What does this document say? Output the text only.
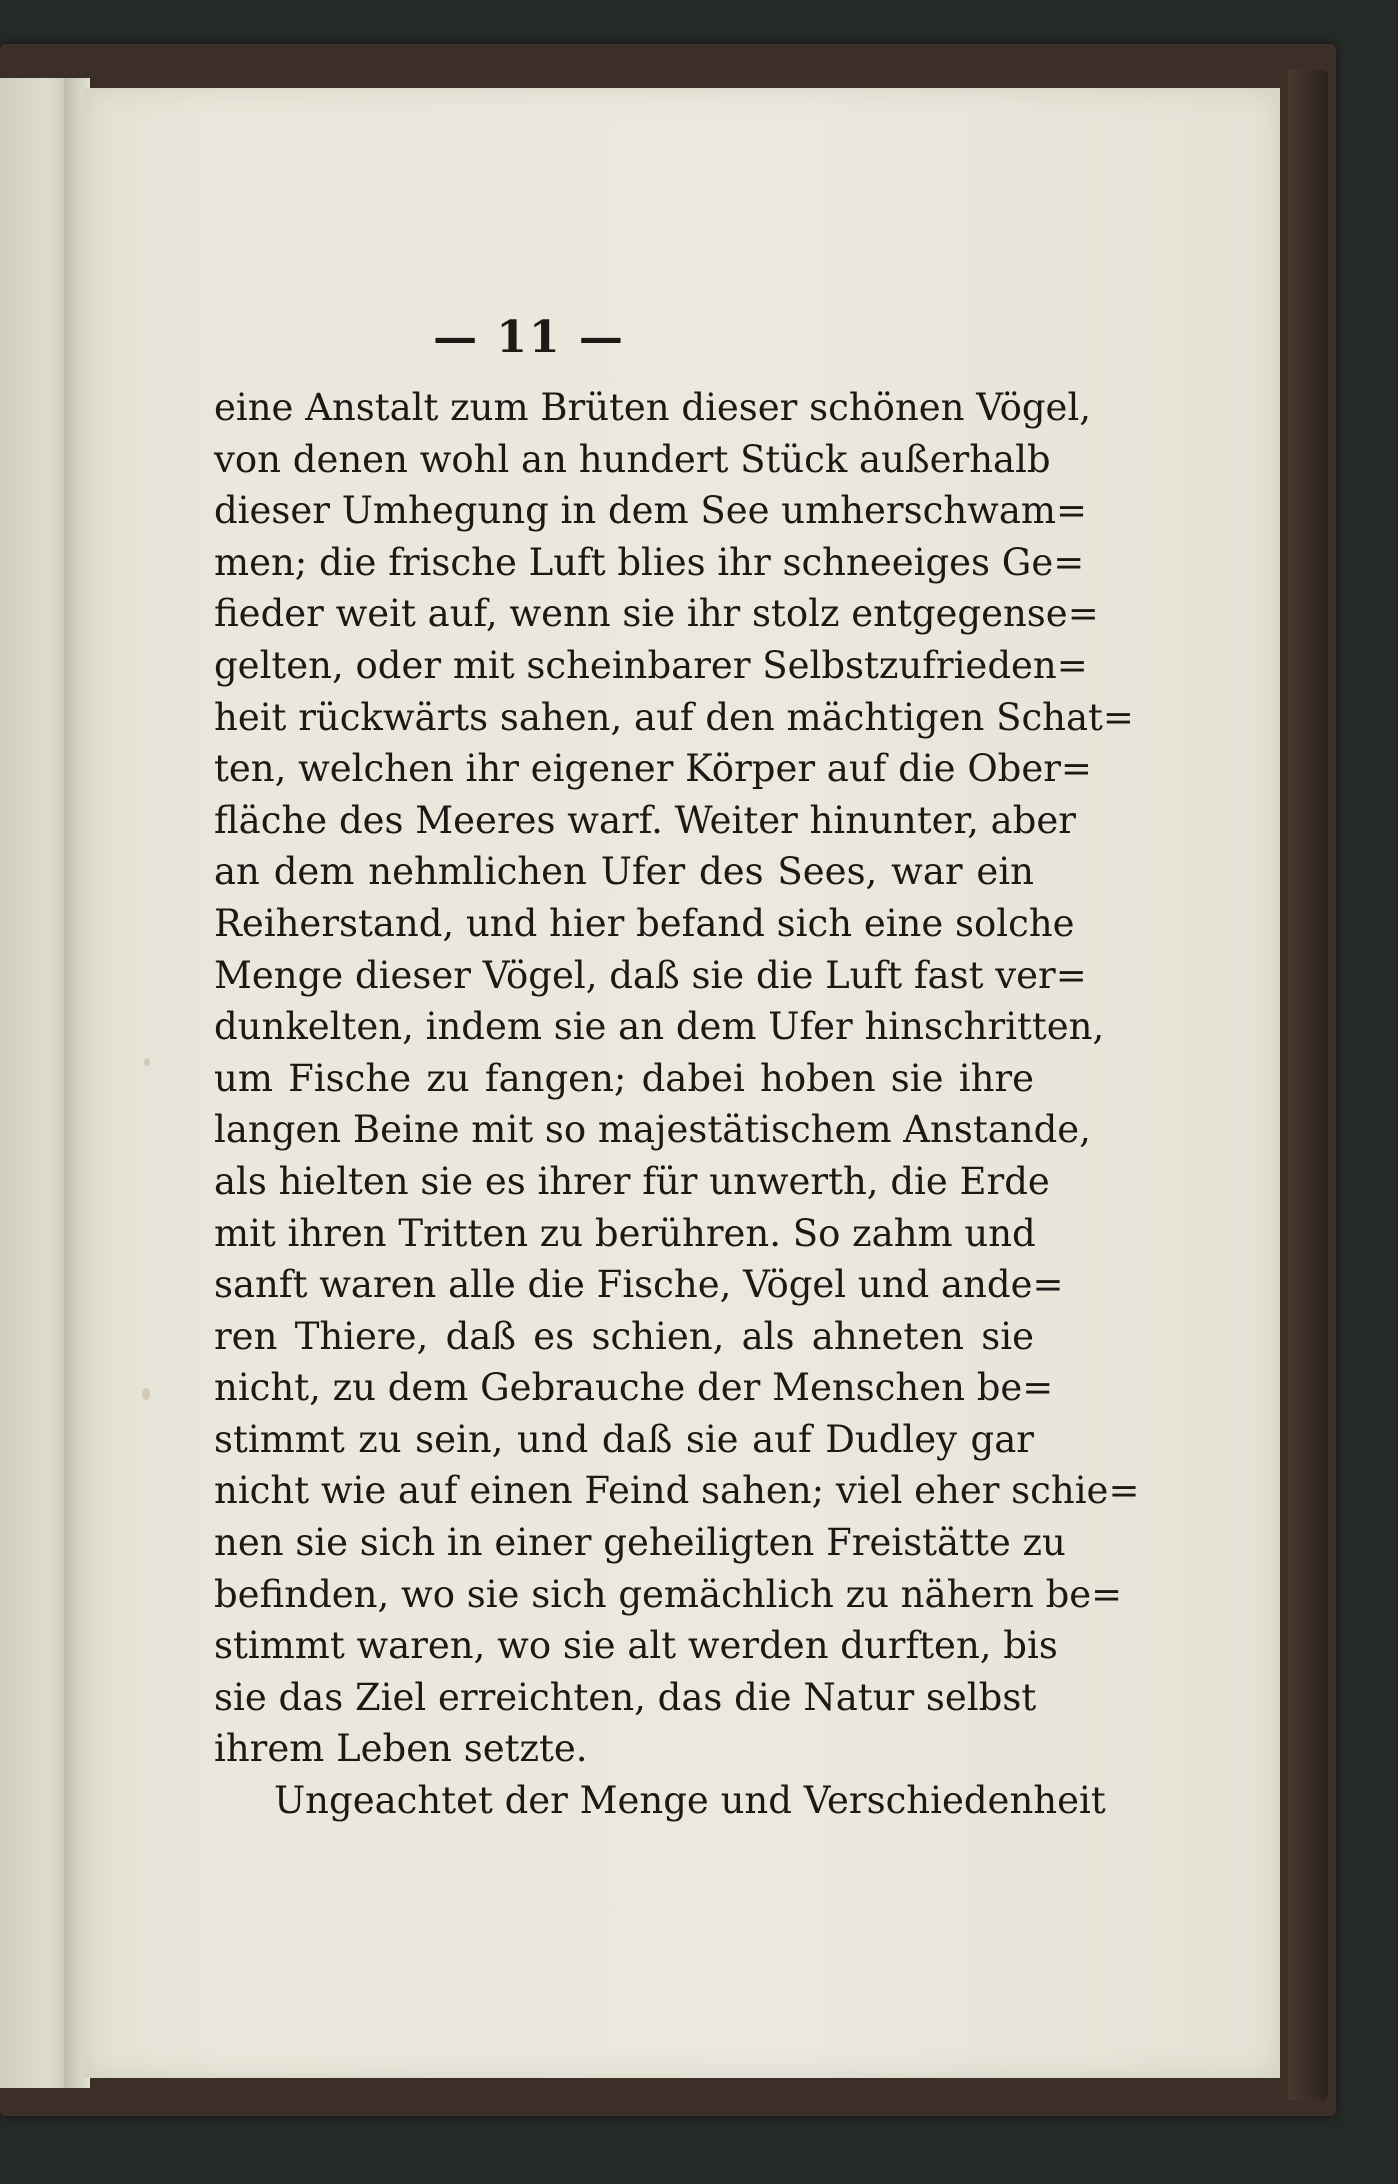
— 11 —
eine Anstalt zum Brüten dieser schönen Vögel,
von denen wohl an hundert Stück außerhalb
dieser Umhegung in dem See umherschwam=
men; die frische Luft blies ihr schneeiges Ge=
fieder weit auf, wenn sie ihr stolz entgegense=
gelten, oder mit scheinbarer Selbstzufrieden=
heit rückwärts sahen, auf den mächtigen Schat=
ten, welchen ihr eigener Körper auf die Ober=
fläche des Meeres warf. Weiter hinunter, aber
an dem nehmlichen Ufer des Sees, war ein
Reiherstand, und hier befand sich eine solche
Menge dieser Vögel, daß sie die Luft fast ver=
dunkelten, indem sie an dem Ufer hinschritten,
um Fische zu fangen; dabei hoben sie ihre
langen Beine mit so majestätischem Anstande,
als hielten sie es ihrer für unwerth, die Erde
mit ihren Tritten zu berühren. So zahm und
sanft waren alle die Fische, Vögel und ande=
ren Thiere, daß es schien, als ahneten sie
nicht, zu dem Gebrauche der Menschen be=
stimmt zu sein, und daß sie auf Dudley gar
nicht wie auf einen Feind sahen; viel eher schie=
nen sie sich in einer geheiligten Freistätte zu
befinden, wo sie sich gemächlich zu nähern be=
stimmt waren, wo sie alt werden durften, bis
sie das Ziel erreichten, das die Natur selbst
ihrem Leben setzte.
Ungeachtet der Menge und Verschiedenheit
